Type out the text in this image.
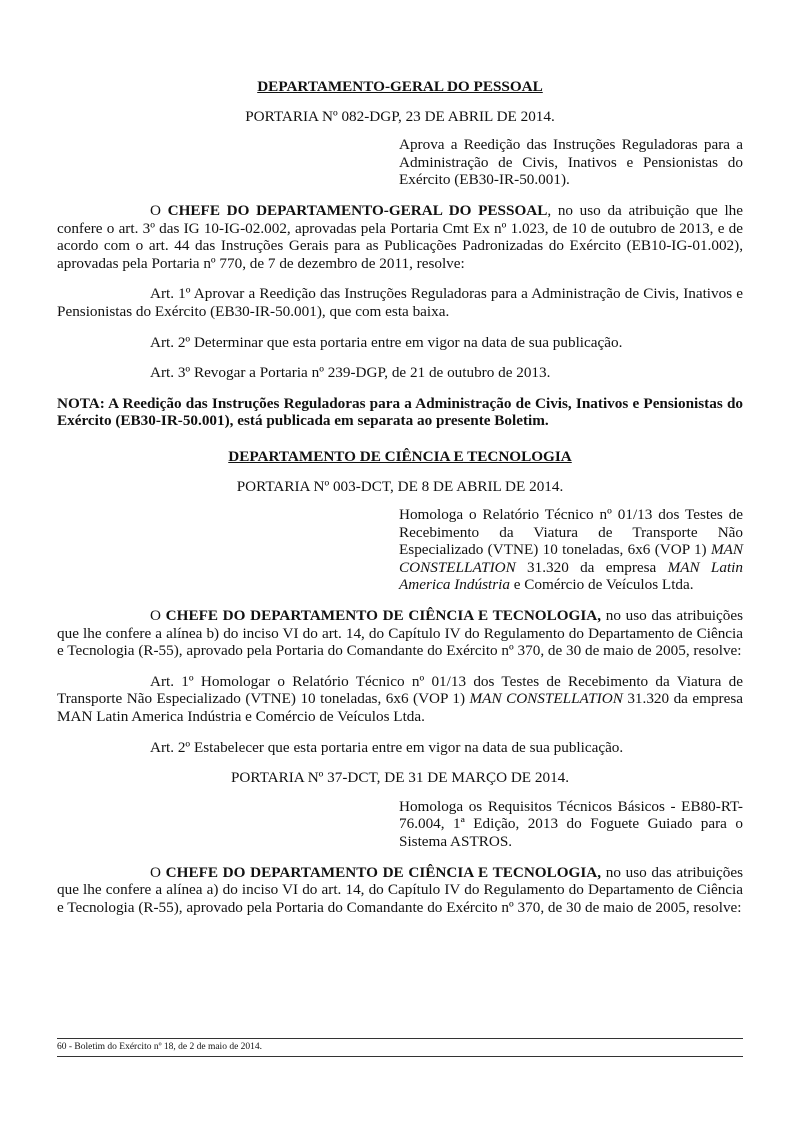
DEPARTAMENTO-GERAL DO PESSOAL

PORTARIA Nº 082-DGP, 23 DE ABRIL DE 2014.

Aprova a Reedição das Instruções Reguladoras para a Administração de Civis, Inativos e Pensionistas do Exército (EB30-IR-50.001).

O CHEFE DO DEPARTAMENTO-GERAL DO PESSOAL, no uso da atribuição que lhe confere o art. 3º das IG 10-IG-02.002, aprovadas pela Portaria Cmt Ex nº 1.023, de 10 de outubro de 2013, e de acordo com o art. 44 das Instruções Gerais para as Publicações Padronizadas do Exército (EB10-IG-01.002), aprovadas pela Portaria nº 770, de 7 de dezembro de 2011, resolve:

Art. 1º Aprovar a Reedição das Instruções Reguladoras para a Administração de Civis, Inativos e Pensionistas do Exército (EB30-IR-50.001), que com esta baixa.

Art. 2º Determinar que esta portaria entre em vigor na data de sua publicação.

Art. 3º Revogar a Portaria nº 239-DGP, de 21 de outubro de 2013.

NOTA: A Reedição das Instruções Reguladoras para a Administração de Civis, Inativos e Pensionistas do Exército (EB30-IR-50.001), está publicada em separata ao presente Boletim.

DEPARTAMENTO DE CIÊNCIA E TECNOLOGIA

PORTARIA Nº 003-DCT, DE 8 DE ABRIL DE 2014.

Homologa o Relatório Técnico nº 01/13 dos Testes de Recebimento da Viatura de Transporte Não Especializado (VTNE) 10 toneladas, 6x6 (VOP 1) MAN CONSTELLATION 31.320 da empresa MAN Latin America Indústria e Comércio de Veículos Ltda.

O CHEFE DO DEPARTAMENTO DE CIÊNCIA E TECNOLOGIA, no uso das atribuições que lhe confere a alínea b) do inciso VI do art. 14, do Capítulo IV do Regulamento do Departamento de Ciência e Tecnologia (R-55), aprovado pela Portaria do Comandante do Exército nº 370, de 30 de maio de 2005, resolve:

Art. 1º Homologar o Relatório Técnico nº 01/13 dos Testes de Recebimento da Viatura de Transporte Não Especializado (VTNE) 10 toneladas, 6x6 (VOP 1) MAN CONSTELLATION 31.320 da empresa MAN Latin America Indústria e Comércio de Veículos Ltda.

Art. 2º Estabelecer que esta portaria entre em vigor na data de sua publicação.

PORTARIA Nº 37-DCT, DE 31 DE MARÇO DE 2014.

Homologa os Requisitos Técnicos Básicos - EB80-RT-76.004, 1ª Edição, 2013 do Foguete Guiado para o Sistema ASTROS.

O CHEFE DO DEPARTAMENTO DE CIÊNCIA E TECNOLOGIA, no uso das atribuições que lhe confere a alínea a) do inciso VI do art. 14, do Capítulo IV do Regulamento do Departamento de Ciência e Tecnologia (R-55), aprovado pela Portaria do Comandante do Exército nº 370, de 30 de maio de 2005, resolve:

60 - Boletim do Exército nº 18, de 2 de maio de 2014.
